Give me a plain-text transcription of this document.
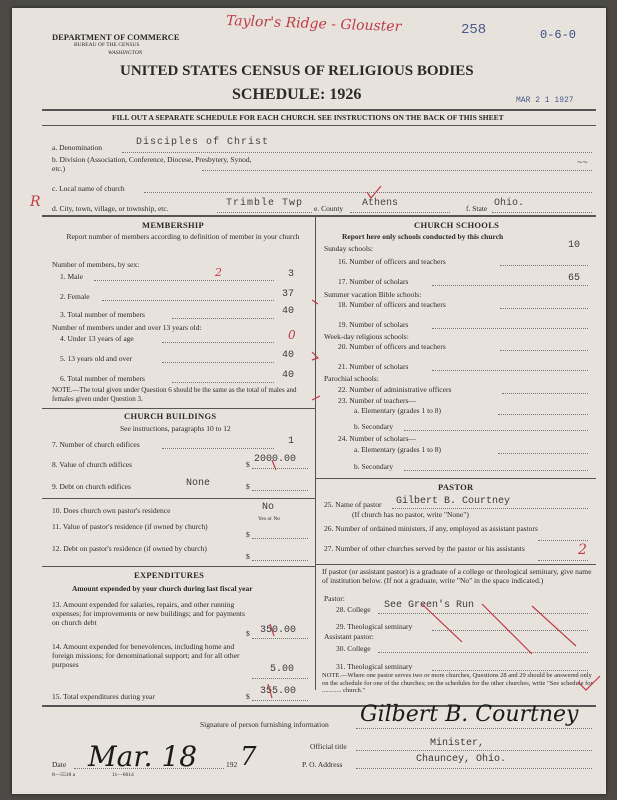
DEPARTMENT OF COMMERCE
BUREAU OF THE CENSUS
WASHINGTON
Taylor's Ridge - Glouster	258	0-6-0
UNITED STATES CENSUS OF RELIGIOUS BODIES
SCHEDULE: 1926	MAR 2 1 1927
FILL OUT A SEPARATE SCHEDULE FOR EACH CHURCH. SEE INSTRUCTIONS ON THE BACK OF THIS SHEET
a. Denomination	Disciples of Christ
b. Division (Association, Conference, Diocese, Presbytery, Synod, etc.)
~~
c. Local name of church
R d. City, town, village, or township, etc.	Trimble Twp e. County Athens	f. State Ohio.
MEMBERSHIP
Report number of members according to definition of member in your church
Number of members, by sex:
1. Male	2	3
2. Female	37
3. Total number of members	40
Number of members under and over 13 years old:
4. Under 13 years of age	0
5. 13 years old and over	40
6. Total number of members	40
NOTE.—The total given under Question 6 should be the same as the total of males and females given under Question 3.
CHURCH BUILDINGS
See instructions, paragraphs 10 to 12
7. Number of church edifices	1
8. Value of church edifices	$ 2000.00
9. Debt on church edifices	None	$
10. Does church own pastor's residence	No
Yes or No
11. Value of pastor's residence (if owned by church)
$
12. Debt on pastor's residence (if owned by church)
$
EXPENDITURES
Amount expended by your church during last fiscal year
13. Amount expended for salaries, repairs, and other running expenses; for improvements or new buildings; and for payments on church debt
$ 350.00
14. Amount expended for benevolences, including home and foreign missions; for denominational support; and for all other purposes	5.00
15. Total expenditures during year	$ 355.00
CHURCH SCHOOLS
Report here only schools conducted by this church
Sunday schools:	10
16. Number of officers and teachers
17. Number of scholars	65
Summer vacation Bible schools:
18. Number of officers and teachers
19. Number of scholars
Week-day religious schools:
20. Number of officers and teachers
21. Number of scholars
Parochial schools:
22. Number of administrative officers
23. Number of teachers—
a. Elementary (grades 1 to 8)
b. Secondary
24. Number of scholars—
a. Elementary (grades 1 to 8)
b. Secondary
PASTOR
25. Name of pastor Gilbert B. Courtney
(If church has no pastor, write "None")
26. Number of ordained ministers, if any, employed as assistant pastors
27. Number of other churches served by the pastor or his assistants	2
If pastor (or assistant pastor) is a graduate of a college or theological seminary, give name of institution below. (If not a graduate, write "No" in the space indicated.)
Pastor:
28. College See Green's Run
29. Theological seminary
Assistant pastor:
30. College
31. Theological seminary
NOTE.—Where one pastor serves two or more churches, Questions 28 and 29 should be answered only on the schedule for one of the churches; on the schedules for the other churches, write "See schedule for ............ church."
Signature of person furnishing information Gilbert B. Courtney
Official title	Minister,
Date Mar. 18	192 7	P. O. Address	Chauncey, Ohio.
8—5518 a	11—6614
